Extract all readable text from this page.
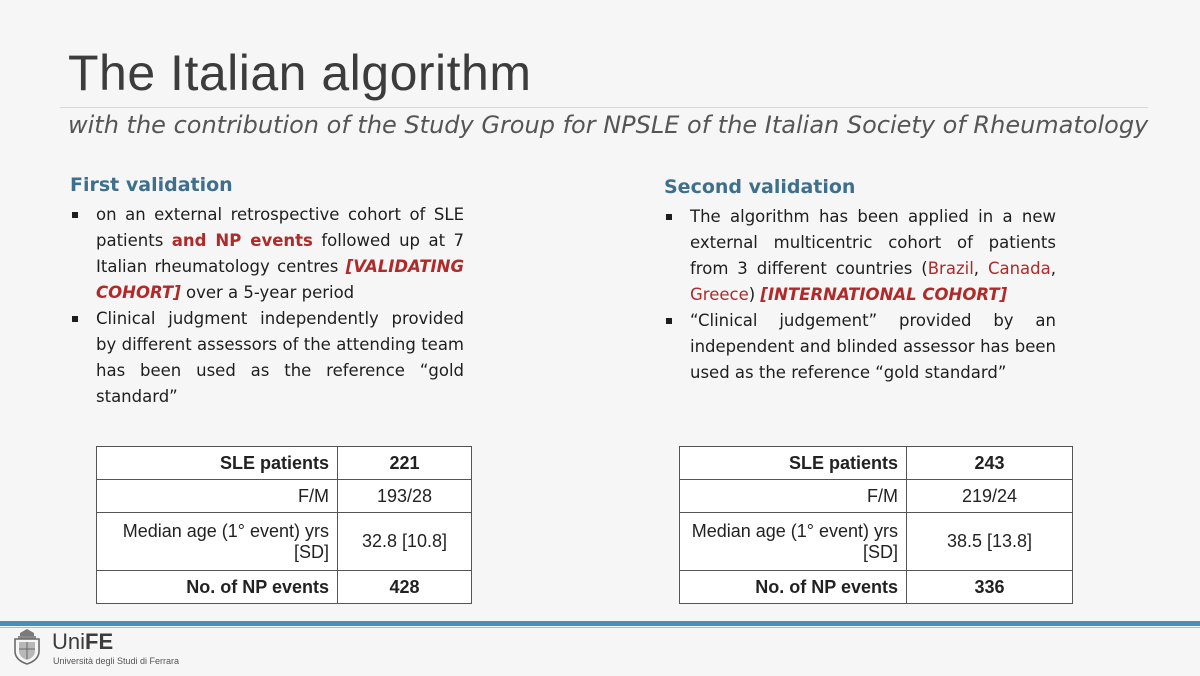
The Italian algorithm
with the contribution of the Study Group for NPSLE of the Italian Society of Rheumatology
First validation
on an external retrospective cohort of SLE patients and NP events followed up at 7 Italian rheumatology centres [VALIDATING COHORT] over a 5-year period
Clinical judgment independently provided by different assessors of the attending team has been used as the reference “gold standard”
SLE patients	221
F/M	193/28
Median age (1° event) yrs [SD]	32.8 [10.8]
No. of NP events	428
Second validation
The algorithm has been applied in a new external multicentric cohort of patients from 3 different countries (Brazil, Canada, Greece) [INTERNATIONAL COHORT]
“Clinical judgement” provided by an independent and blinded assessor has been used as the reference “gold standard”
SLE patients	243
F/M	219/24
Median age (1° event) yrs [SD]	38.5 [13.8]
No. of NP events	336
UniFE
Università degli Studi di Ferrara
